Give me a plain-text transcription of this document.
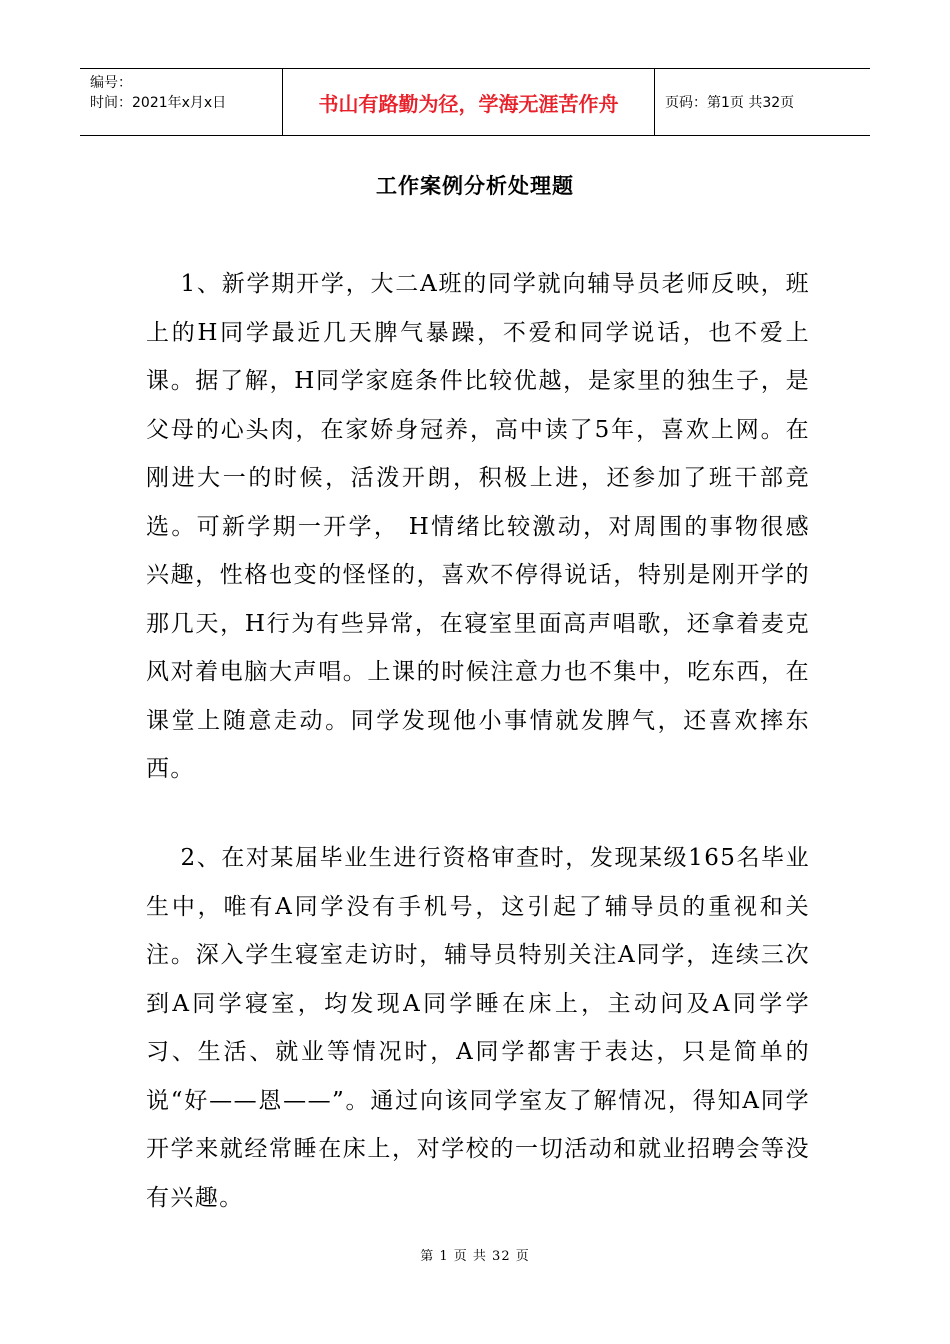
编号：
时间：2021年x月x日	书山有路勤为径，学海无涯苦作舟	页码：第1页 共32页
工作案例分析处理题

1、新学期开学，大二A班的同学就向辅导员老师反映，班上的H同学最近几天脾气暴躁，不爱和同学说话，也不爱上课。据了解，H同学家庭条件比较优越，是家里的独生子，是父母的心头肉，在家娇身冠养，高中读了5年，喜欢上网。在刚进大一的时候，活泼开朗，积极上进，还参加了班干部竞选。可新学期一开学， H情绪比较激动，对周围的事物很感兴趣，性格也变的怪怪的，喜欢不停得说话，特别是刚开学的那几天，H行为有些异常，在寝室里面高声唱歌，还拿着麦克风对着电脑大声唱。上课的时候注意力也不集中，吃东西，在课堂上随意走动。同学发现他小事情就发脾气，还喜欢摔东西。

2、在对某届毕业生进行资格审查时，发现某级165名毕业生中，唯有A同学没有手机号，这引起了辅导员的重视和关注。深入学生寝室走访时，辅导员特别关注A同学，连续三次到A同学寝室，均发现A同学睡在床上，主动问及A同学学习、生活、就业等情况时，A同学都害于表达，只是简单的说“好——恩——”。通过向该同学室友了解情况，得知A同学开学来就经常睡在床上，对学校的一切活动和就业招聘会等没有兴趣。

第 1 页 共 32 页
